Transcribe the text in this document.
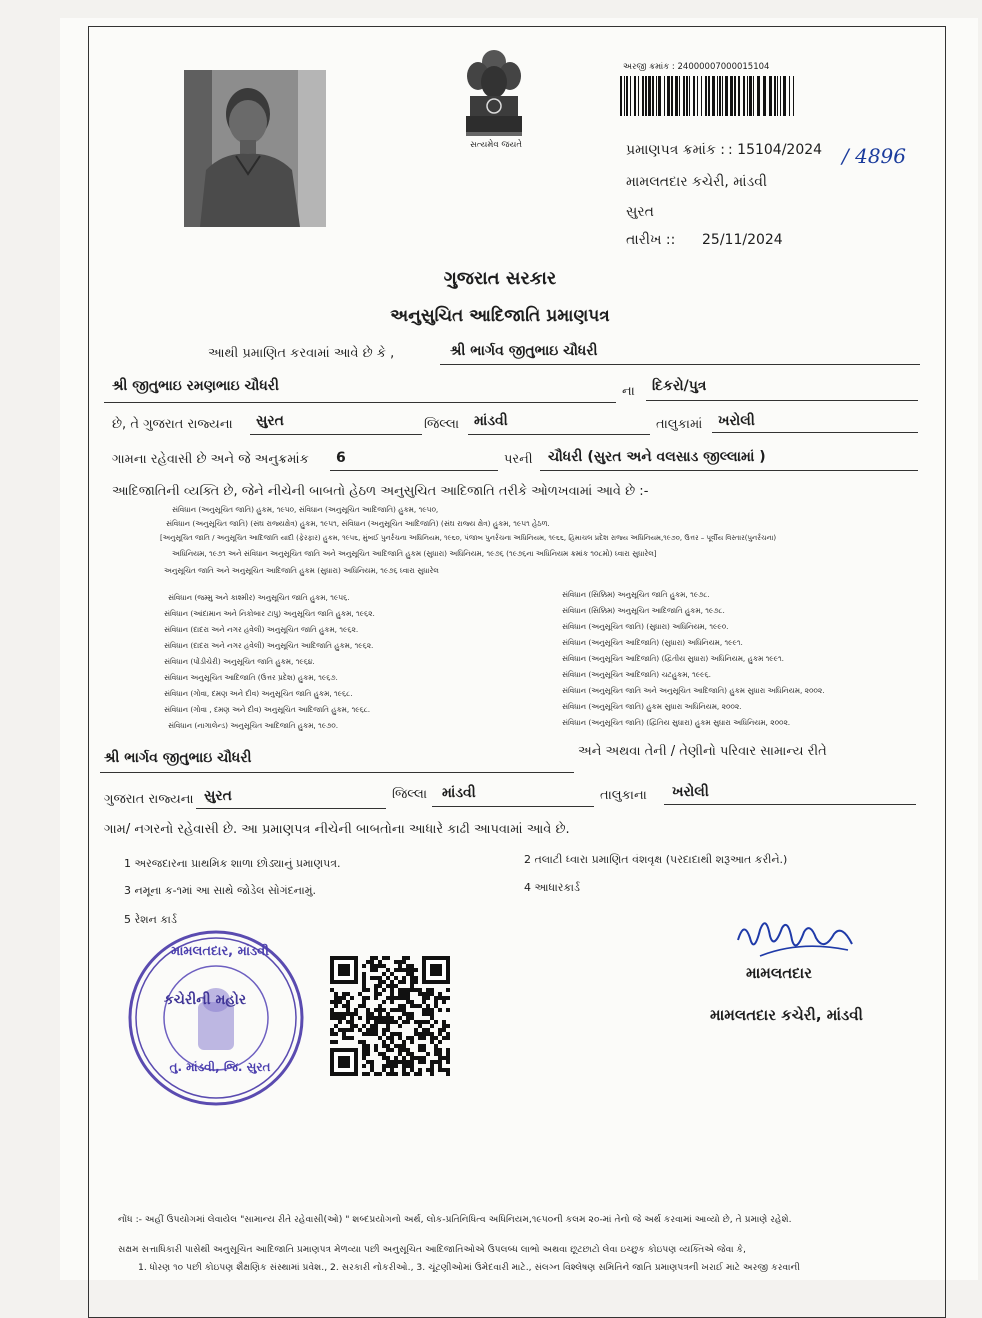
સત્યમેવ જયતે
અરજી ક્રમાંક : 240000070000151​04
પ્રમાણપત્ર ક્રમાંક : : 15104/2024 / 4896
મામલતદાર કચેરી, માંડવી
સુરત
તારીખ :: 25/11/2024
ગુજરાત સરકાર
અનુસુચિત આદિજાતિ પ્રમાણપત્ર
આથી પ્રમાણિત કરવામાં આવે છે કે ,	શ્રી ભાર્ગવ જીતુભાઇ ચૌધરી
શ્રી જીતુભાઇ રમણભાઇ ચૌધરી	ના દિકરો/પુત્ર
છે, તે ગુજરાત રાજ્યના સુરત	જિલ્લા માંડવી	તાલુકામાં ખરોલી
ગામના રહેવાસી છે અને જે અનુક્રમાંક 6	પરની ચૌધરી (સુરત અને વલસાડ જીલ્લામાં )
આદિજાતિની વ્યક્તિ છે, જેને નીચેની બાબતો હેઠળ અનુસુચિત આદિજાતિ તરીકે ઓળખવામાં આવે છે :-
સંવિધાન (અનુસૂચિત જાતિ) હુકમ, ૧૯૫૦, સંવિધાન (અનુસૂચિત આદિજાતિ) હુકમ, ૧૯૫૦,
સંવિધાન (અનુસૂચિત જાતિ) (સંઘ રાજ્યક્ષેત્ર) હુકમ, ૧૯૫૧, સંવિધાન (અનુસૂચિત આદિજાતિ) (સંઘ રાજ્ય ક્ષેત્ર) હુકમ, ૧૯૫૧ હેઠળ.
[અનુસૂચિત જાતિ / અનુસૂચિત આદિજાતિ યાદી (ફેરફાર) હુકમ, ૧૯૫૬, મુંબઈ પુનર્રચના અધિનિયમ, ૧૯૬૦, પંજાબ પુનર્રચના અધિનિયમ, ૧૯૬૬, હિમાચલ પ્રદેશ રાજ્ય અધિનિયમ,૧૯૭૦, ઉત્તર – પૂર્વીય વિસ્તાર(પુનર્રચના)
અધિનિયમ, ૧૯૭૧ અને સંવિધાન અનુસૂચિત જાતિ અને અનુસૂચિત આદિજાતિ હુકમ (સુધારા) અધિનિયમ, ૧૯૭૬ (૧૯૭૬ના અધિનિયમ ક્રમાંક ૧૦૮મો) ધ્વારા સુધારેલ]
અનુસૂચિત જાતિ અને અનુસૂચિત આદિજાતિ હુકમ (સુધારા) અધિનિયમ, ૧૯૭૬ ધ્વારા સુધારેલ
સંવિધાન (જમ્મુ અને કાશ્મીર) અનુસૂચિત જાતિ હુકમ, ૧૯૫૬.
સંવિધાન (આંદામાન અને નિકોબાર ટાપુ) અનુસૂચિત જાતિ હુકમ, ૧૯૬૨.
સંવિધાન (દાદરા અને નગર હવેલી) અનુસૂચિત જાતિ હુકમ, ૧૯૬૨.
સંવિધાન (દાદરા અને નગર હવેલી) અનુસૂચિત આદિજાતિ હુકમ, ૧૯૬૨.
સંવિધાન (પોંડીચેરી) અનુસૂચિત જાતિ હુકમ, ૧૯૬૪.
સંવિધાન અનુસૂચિત આદિજાતિ (ઉત્તર પ્રદેશ) હુકમ, ૧૯૬૭.
સંવિધાન (ગોવા, દમણ અને દીવ) અનુસૂચિત જાતિ હુકમ, ૧૯૬૮.
સંવિધાન (ગોવા , દમણ અને દીવ) અનુસૂચિત આદિજાતિ હુકમ, ૧૯૬૮.
સંવિધાન (નાગાલેન્ડ) અનુસૂચિત આદિજાતિ હુકમ, ૧૯૭૦.
સંવિધાન (સિક્કિમ) અનુસૂચિત જાતિ હુકમ, ૧૯૭૮.
સંવિધાન (સિક્કિમ) અનુસૂચિત આદિજાતિ હુકમ, ૧૯૭૮.
સંવિધાન (અનુસૂચિત જાતિ) (સુધારા) અધિનિયમ, ૧૯૯૦.
સંવિધાન (અનુસૂચિત આદિજાતિ) (સુધારા) અધિનિયમ, ૧૯૯૧.
સંવિધાન (અનુસૂચિત આદિજાતિ) (દ્વિતીય સુધારા) અધિનિયમ, હુકમ ૧૯૯૧.
સંવિધાન (અનુસૂચિત આદિજાતિ) ચટહુકમ, ૧૯૯૬.
સંવિધાન (અનુસૂચિત જાતિ અને અનુસૂચિત આદિજાતિ) હુકમ સુધારા અધિનિયમ, ૨૦૦૨.
સંવિધાન (અનુસૂચિત જાતિ) હુકમ સુધારા અધિનિયમ, ૨૦૦૨.
સંવિધાન (અનુસૂચિત જાતિ) (દ્વિતિય સુધારા) હુકમ સુધારા અધિનિયમ, ૨૦૦૨.
શ્રી ભાર્ગવ જીતુભાઇ ચૌધરી	અને અથવા તેની / તેણીનો પરિવાર સામાન્ય રીતે
ગુજરાત રાજ્યના સુરત	જિલ્લા માંડવી	તાલુકાના ખરોલી
ગામ/ નગરનો રહેવાસી છે. આ પ્રમાણપત્ર નીચેની બાબતોના આધારે કાઢી આપવામાં આવે છે.
1 અરજદારના પ્રાથમિક શાળા છોડ્યાનું પ્રમાણપત્ર.	2 તલાટી ધ્વારા પ્રમાણિત વંશવૃક્ષ (પરદાદાથી શરૂઆત કરીને.)
3 નમૂના ક-૧માં આ સાથે જોડેલ સોગંદનામું.	4 આધારકાર્ડ
5 રેશન કાર્ડ
મામલતદાર, માંડવી
કચેરીની મહોર
તુ. માંડવી, જિ. સુરત
મામલતદાર
મામલતદાર કચેરી, માંડવી
નોંધ :- અહીં ઉપયોગમાં લેવાયેલ "સામાન્ય રીતે રહેવાસી(ઓ) " શબ્દપ્રયોગનો અર્થ, લોક-પ્રતિનિધિત્વ અધિનિયમ,૧૯૫૦ની કલમ ૨૦-માં તેનો જે અર્થ કરવામાં આવ્યો છે, તે પ્રમાણે રહેશે.
સક્ષમ સત્તાધિકારી પાસેથી અનુસૂચિત આદિજાતિ પ્રમાણપત્ર મેળવ્યા પછી અનુસૂચિત આદિજાતિઓએ ઉપલબ્ધ લાભો અથવા છૂટછાટો લેવા ઇચ્છુક કોઇપણ વ્યક્તિએ જેવા કે,
1. ધોરણ ૧૦ પછી કોઇપણ શૈક્ષણિક સંસ્થામાં પ્રવેશ., 2. સરકારી નોકરીઓ., 3. ચૂંટણીઓમાં ઉમેદવારી માટે., સંલગ્ન વિશ્લેષણ સમિતિને જાતિ પ્રમાણપત્રની ખરાઈ માટે અરજી કરવાની
